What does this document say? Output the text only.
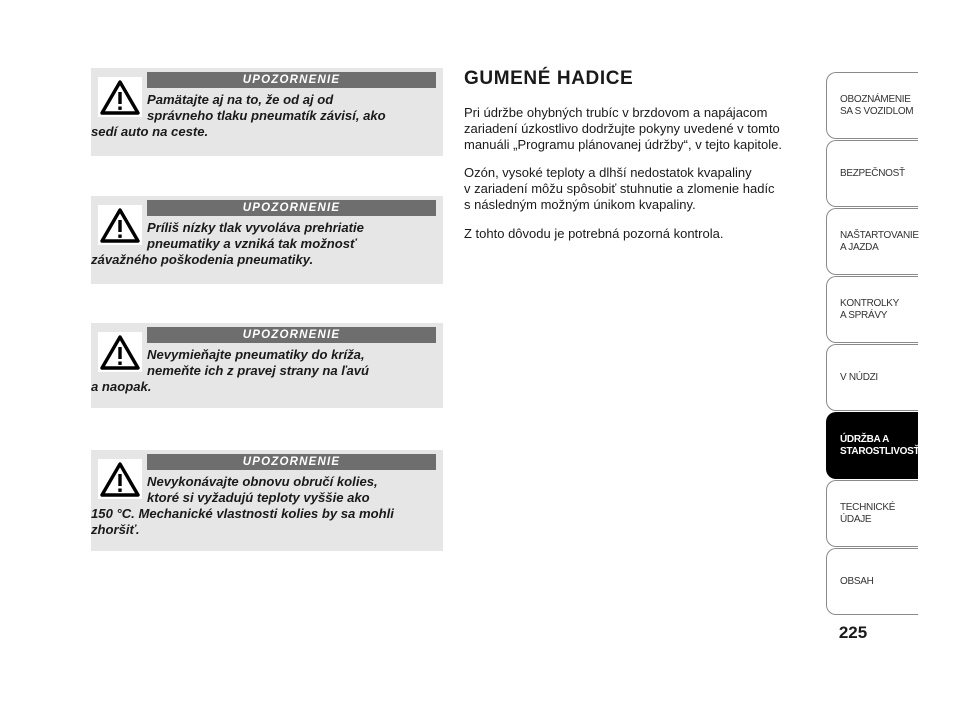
UPOZORNENIE
Pamätajte aj na to, že od aj od
správneho tlaku pneumatík závisí, ako
sedí auto na ceste.
UPOZORNENIE
Príliš nízky tlak vyvoláva prehriatie
pneumatiky a vzniká tak možnosť
závažného poškodenia pneumatiky.
UPOZORNENIE
Nevymieňajte pneumatiky do kríža,
nemeňte ich z pravej strany na ľavú
a naopak.
UPOZORNENIE
Nevykonávajte obnovu obručí kolies,
ktoré si vyžadujú teploty vyššie ako
150 °C. Mechanické vlastnosti kolies by sa mohli
zhoršiť.
GUMENÉ HADICE

Pri údržbe ohybných trubíc v brzdovom a napájacom zariadení úzkostlivo dodržujte pokyny uvedené v tomto manuáli „Programu plánovanej údržby“, v tejto kapitole.

Ozón, vysoké teploty a dlhší nedostatok kvapaliny
v zariadení môžu spôsobiť stuhnutie a zlomenie hadíc
s následným možným únikom kvapaliny.

Z tohto dôvodu je potrebná pozorná kontrola.

OBOZNÁMENIE
SA S VOZIDLOM
BEZPEČNOSŤ
NAŠTARTOVANIE
A JAZDA
KONTROLKY
A SPRÁVY
V NÚDZI
ÚDRŽBA A
STAROSTLIVOSŤ
TECHNICKÉ
ÚDAJE
OBSAH
225
